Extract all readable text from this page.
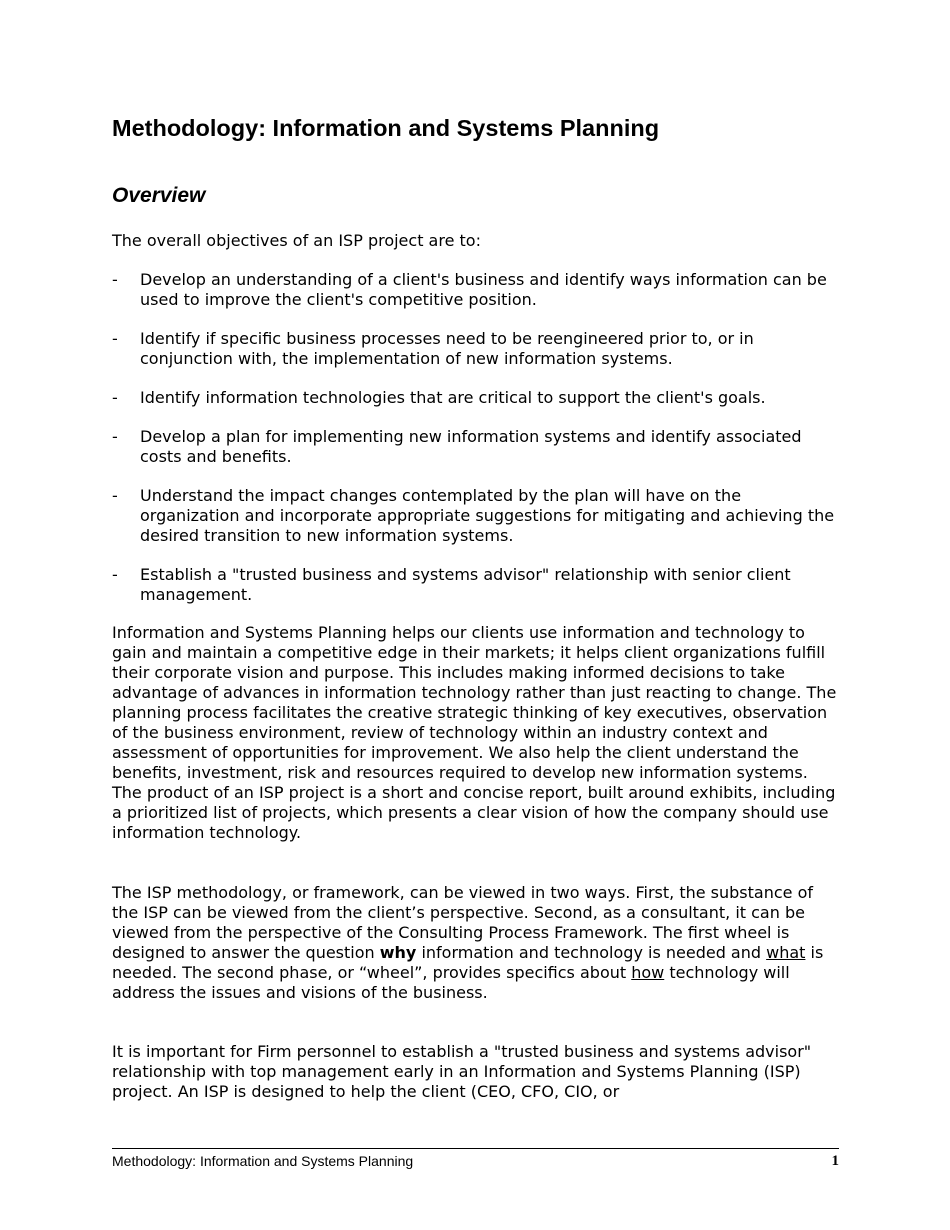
Methodology: Information and Systems Planning
Overview

The overall objectives of an ISP project are to:

- Develop an understanding of a client's business and identify ways information can be used to improve the client's competitive position.
- Identify if specific business processes need to be reengineered prior to, or in conjunction with, the implementation of new information systems.
- Identify information technologies that are critical to support the client's goals.
- Develop a plan for implementing new information systems and identify associated costs and benefits.
- Understand the impact changes contemplated by the plan will have on the organization and incorporate appropriate suggestions for mitigating and achieving the desired transition to new information systems.
- Establish a "trusted business and systems advisor" relationship with senior client management.

Information and Systems Planning helps our clients use information and technology to gain and maintain a competitive edge in their markets; it helps client organizations fulfill their corporate vision and purpose. This includes making informed decisions to take advantage of advances in information technology rather than just reacting to change. The planning process facilitates the creative strategic thinking of key executives, observation of the business environment, review of technology within an industry context and assessment of opportunities for improvement. We also help the client understand the benefits, investment, risk and resources required to develop new information systems. The product of an ISP project is a short and concise report, built around exhibits, including a prioritized list of projects, which presents a clear vision of how the company should use information technology.

The ISP methodology, or framework, can be viewed in two ways. First, the substance of the ISP can be viewed from the client’s perspective. Second, as a consultant, it can be viewed from the perspective of the Consulting Process Framework. The first wheel is designed to answer the question why information and technology is needed and what is needed. The second phase, or “wheel”, provides specifics about how technology will address the issues and visions of the business.

It is important for Firm personnel to establish a "trusted business and systems advisor" relationship with top management early in an Information and Systems Planning (ISP) project. An ISP is designed to help the client (CEO, CFO, CIO, or

Methodology: Information and Systems Planning	1
